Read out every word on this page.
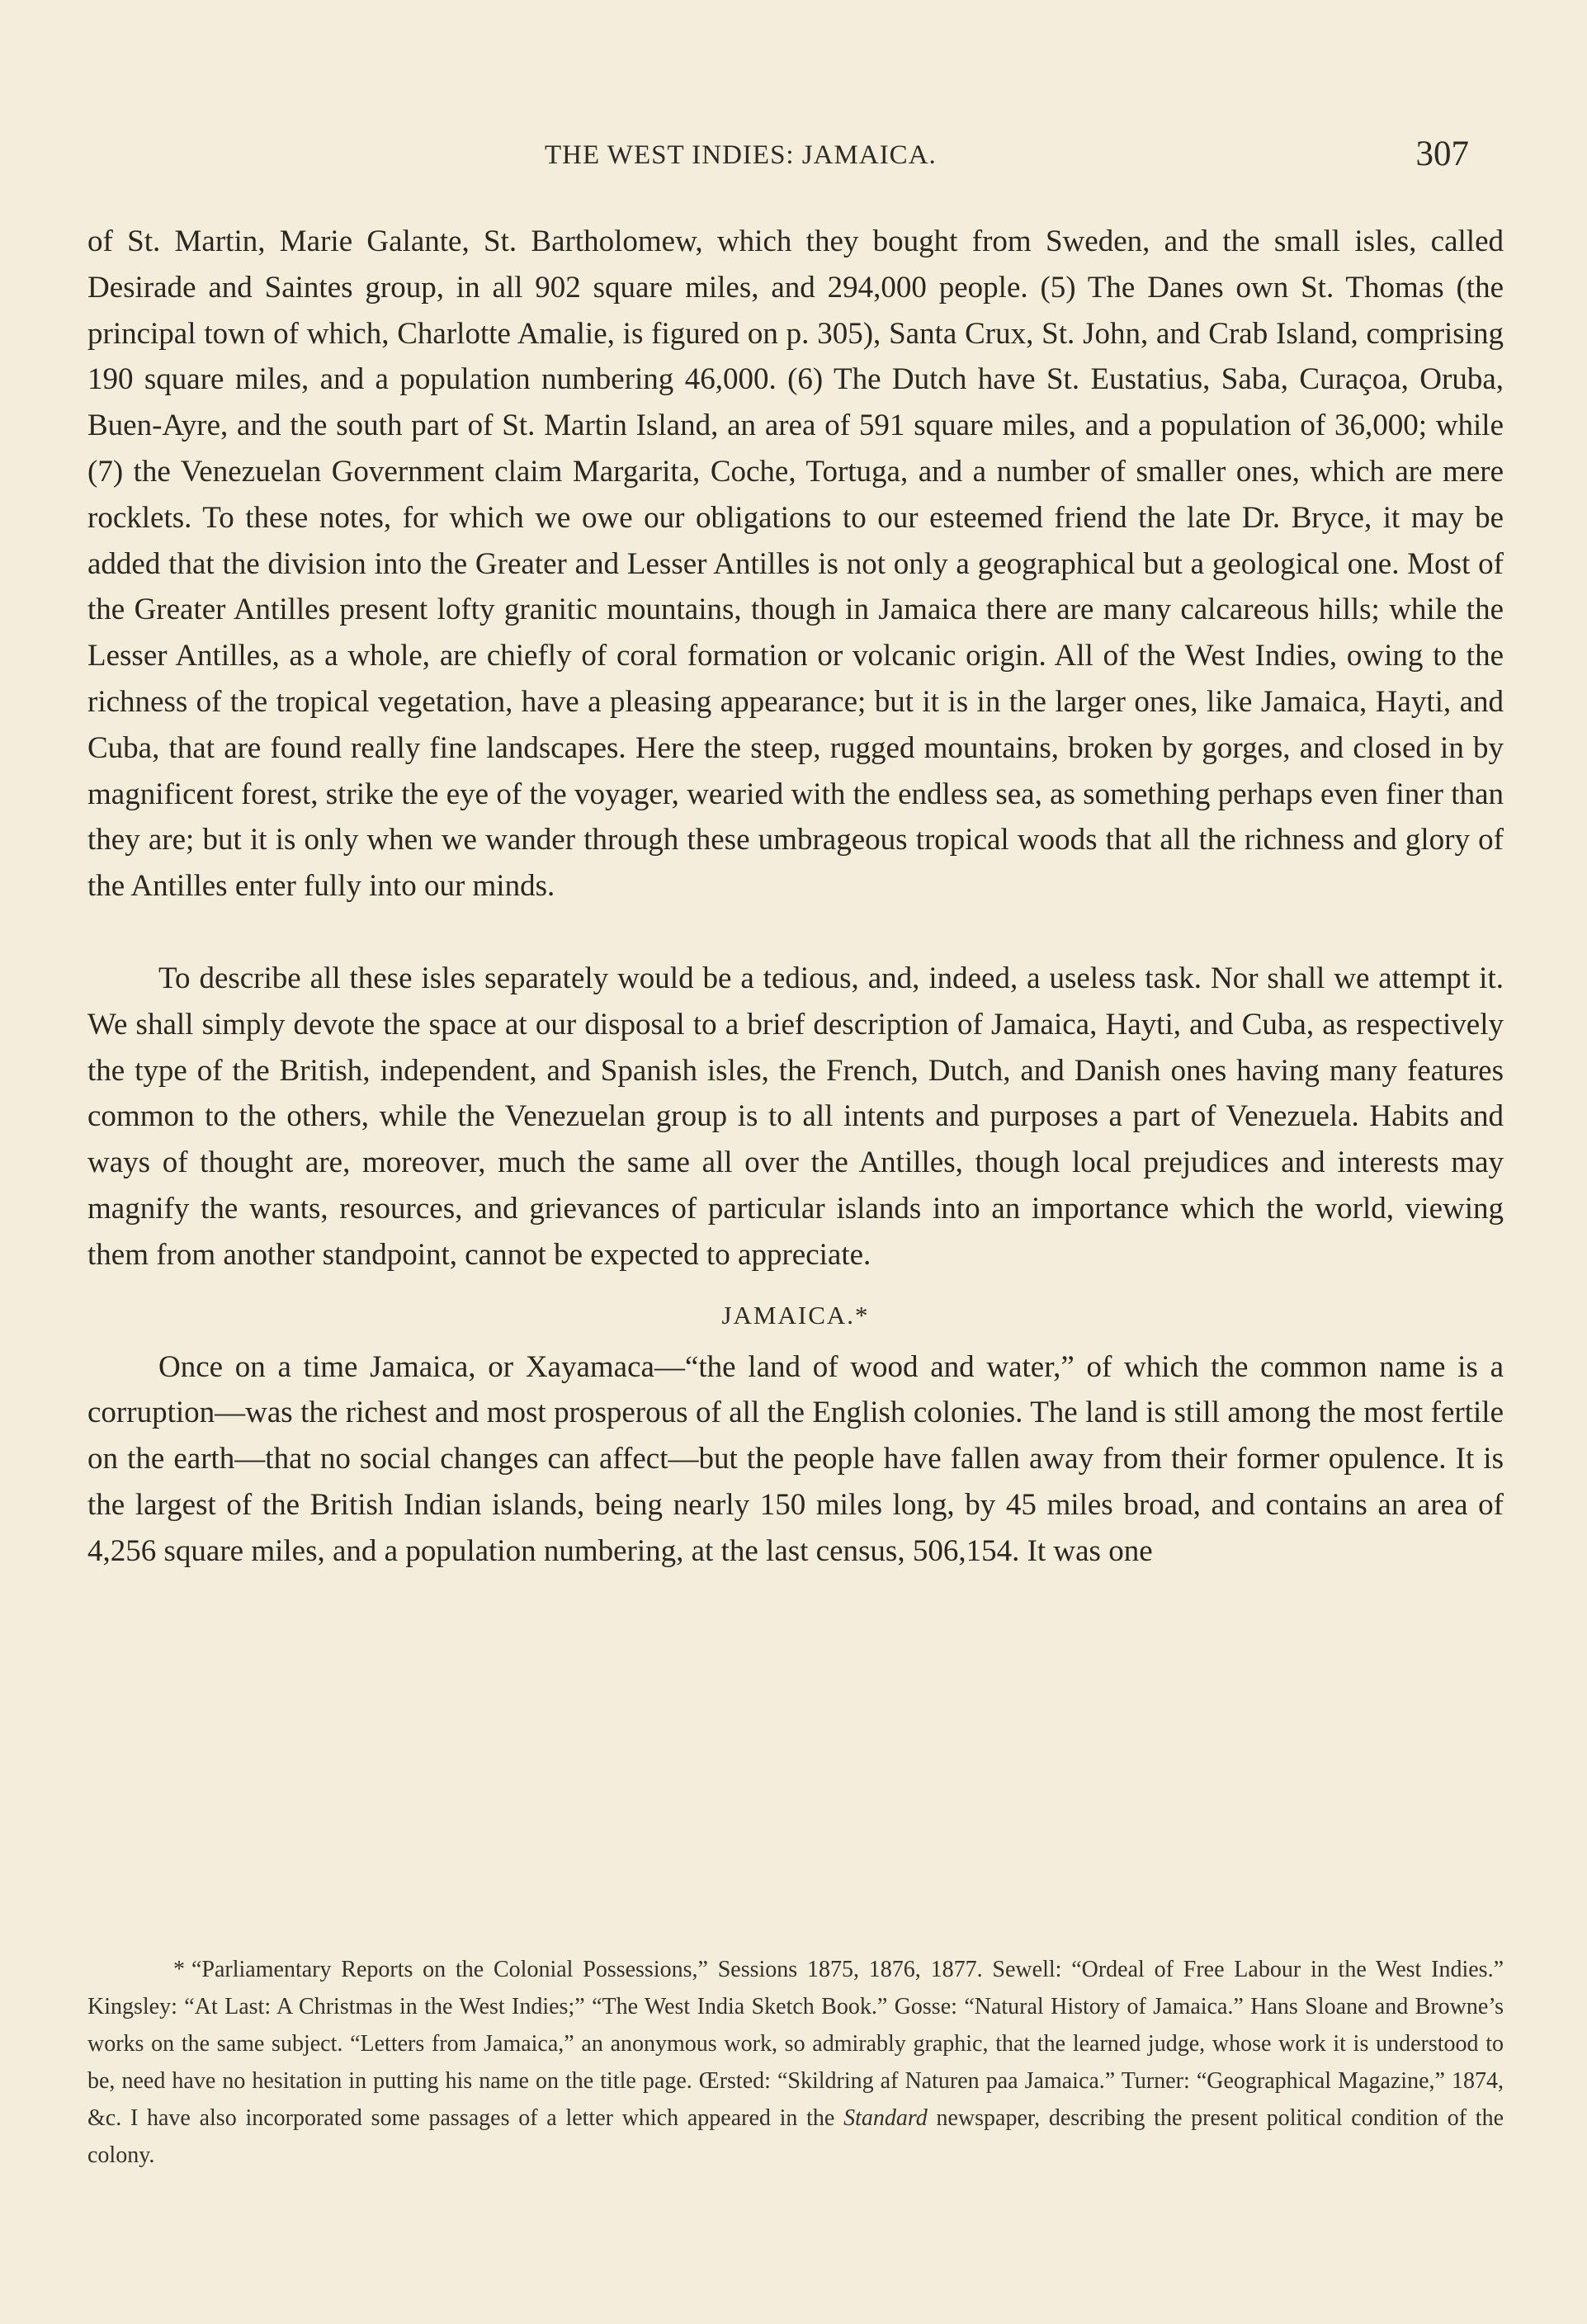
THE WEST INDIES: JAMAICA.	307

of St. Martin, Marie Galante, St. Bartholomew, which they bought from Sweden, and the small isles, called Desirade and Saintes group, in all 902 square miles, and 294,000 people. (5) The Danes own St. Thomas (the principal town of which, Charlotte Amalie, is figured on p. 305), Santa Crux, St. John, and Crab Island, comprising 190 square miles, and a population numbering 46,000. (6) The Dutch have St. Eustatius, Saba, Curaçoa, Oruba, Buen-Ayre, and the south part of St. Martin Island, an area of 591 square miles, and a population of 36,000; while (7) the Venezuelan Government claim Margarita, Coche, Tortuga, and a number of smaller ones, which are mere rocklets. To these notes, for which we owe our obligations to our esteemed friend the late Dr. Bryce, it may be added that the division into the Greater and Lesser Antilles is not only a geographical but a geological one. Most of the Greater Antilles present lofty granitic mountains, though in Jamaica there are many calcareous hills; while the Lesser Antilles, as a whole, are chiefly of coral formation or volcanic origin. All of the West Indies, owing to the richness of the tropical vegetation, have a pleasing appearance; but it is in the larger ones, like Jamaica, Hayti, and Cuba, that are found really fine landscapes. Here the steep, rugged mountains, broken by gorges, and closed in by magnificent forest, strike the eye of the voyager, wearied with the endless sea, as something perhaps even finer than they are; but it is only when we wander through these umbrageous tropical woods that all the richness and glory of the Antilles enter fully into our minds.

To describe all these isles separately would be a tedious, and, indeed, a useless task. Nor shall we attempt it. We shall simply devote the space at our disposal to a brief description of Jamaica, Hayti, and Cuba, as respectively the type of the British, independent, and Spanish isles, the French, Dutch, and Danish ones having many features common to the others, while the Venezuelan group is to all intents and purposes a part of Venezuela. Habits and ways of thought are, moreover, much the same all over the Antilles, though local prejudices and interests may magnify the wants, resources, and grievances of particular islands into an importance which the world, viewing them from another standpoint, cannot be expected to appreciate.

JAMAICA.*

Once on a time Jamaica, or Xayamaca—“the land of wood and water,” of which the common name is a corruption—was the richest and most prosperous of all the English colonies. The land is still among the most fertile on the earth—that no social changes can affect—but the people have fallen away from their former opulence. It is the largest of the British Indian islands, being nearly 150 miles long, by 45 miles broad, and contains an area of 4,256 square miles, and a population numbering, at the last census, 506,154. It was one

* “Parliamentary Reports on the Colonial Possessions,” Sessions 1875, 1876, 1877. Sewell: “Ordeal of Free Labour in the West Indies.” Kingsley: “At Last: A Christmas in the West Indies;” “The West India Sketch Book.” Gosse: “Natural History of Jamaica.” Hans Sloane and Browne’s works on the same subject. “Letters from Jamaica,” an anonymous work, so admirably graphic, that the learned judge, whose work it is understood to be, need have no hesitation in putting his name on the title page. Œrsted: “Skildring af Naturen paa Jamaica.” Turner: “Geographical Magazine,” 1874, &c. I have also incorporated some passages of a letter which appeared in the Standard newspaper, describing the present political condition of the colony.
